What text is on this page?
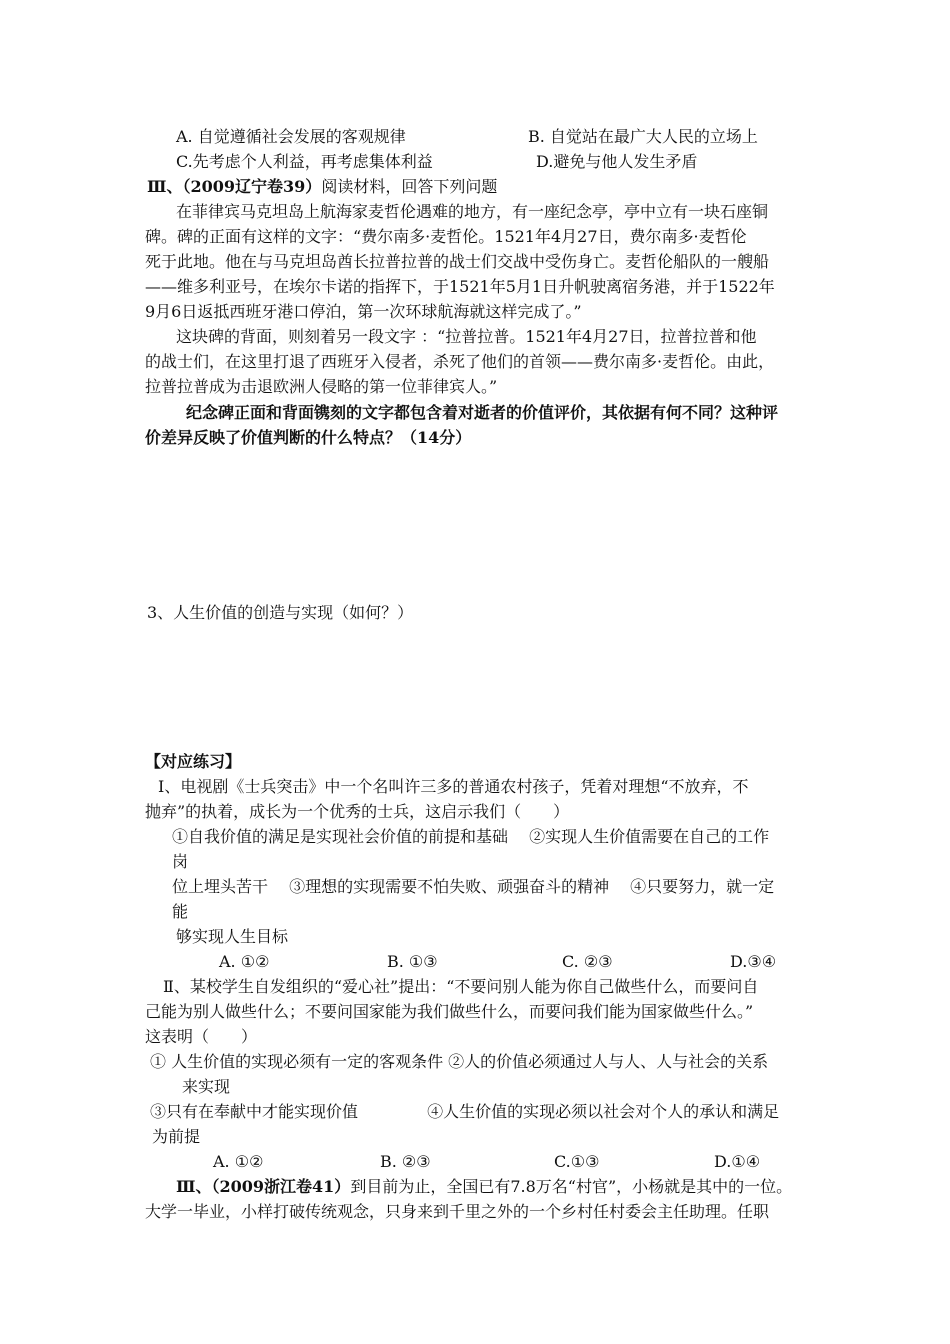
A. 自觉遵循社会发展的客观规律	B. 自觉站在最广大人民的立场上
C.先考虑个人利益，再考虑集体利益	D.避免与他人发生矛盾
Ⅲ、（2009辽宁卷39）阅读材料，回答下列问题
在菲律宾马克坦岛上航海家麦哲伦遇难的地方，有一座纪念亭，亭中立有一块石座铜
碑。碑的正面有这样的文字：“费尔南多·麦哲伦。1521年4月27日，费尔南多·麦哲伦
死于此地。他在与马克坦岛酋长拉普拉普的战士们交战中受伤身亡。麦哲伦船队的一艘船
——维多利亚号，在埃尔卡诺的指挥下，于1521年5月1日升帆驶离宿务港，并于1522年
9月6日返抵西班牙港口停泊，第一次环球航海就这样完成了。”
这块碑的背面，则刻着另一段文字 ：“拉普拉普。1521年4月27日，拉普拉普和他
的战士们，在这里打退了西班牙入侵者，杀死了他们的首领——费尔南多·麦哲伦。由此，
拉普拉普成为击退欧洲人侵略的第一位菲律宾人。”
纪念碑正面和背面镌刻的文字都包含着对逝者的价值评价，其依据有何不同？这种评
价差异反映了价值判断的什么特点？（14分）
3、人生价值的创造与实现（如何？）
【对应练习】
Ⅰ、电视剧《士兵突击》中一个名叫许三多的普通农村孩子，凭着对理想“不放弃，不
抛弃”的执着，成长为一个优秀的士兵，这启示我们（　　）
①自我价值的满足是实现社会价值的前提和基础　 ②实现人生价值需要在自己的工作
岗
位上埋头苦干　 ③理想的实现需要不怕失败、顽强奋斗的精神　 ④只要努力，就一定
能
够实现人生目标
A. ①②	B. ①③	C. ②③	D.③④
Ⅱ、某校学生自发组织的“爱心社”提出：“不要问别人能为你自己做些什么，而要问自
己能为别人做些什么；不要问国家能为我们做些什么，而要问我们能为国家做些什么。”
这表明（　　）
① 人生价值的实现必须有一定的客观条件 ②人的价值必须通过人与人、人与社会的关系
来实现
③只有在奉献中才能实现价值　　　　 ④人生价值的实现必须以社会对个人的承认和满足
为前提
A. ①②	B. ②③	C.①③	D.①④
Ⅲ、（2009浙江卷41）到目前为止，全国已有7.8万名“村官”，小杨就是其中的一位。
大学一毕业，小样打破传统观念，只身来到千里之外的一个乡村任村委会主任助理。任职
